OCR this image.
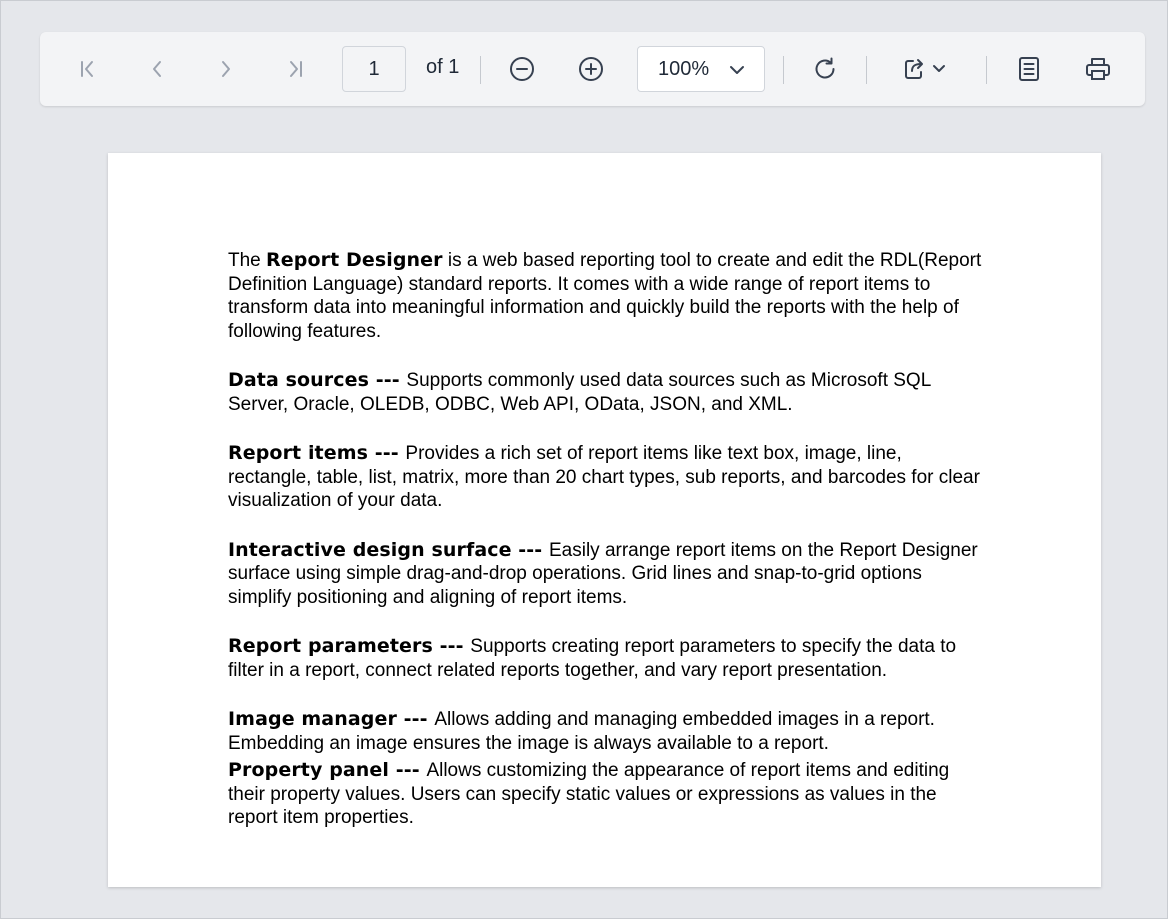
1
of 1	100%

The Report Designer is a web based reporting tool to create and edit the RDL(Report Definition Language) standard reports. It comes with a wide range of report items to transform data into meaningful information and quickly build the reports with the help of following features.

Data sources --- Supports commonly used data sources such as Microsoft SQL Server, Oracle, OLEDB, ODBC, Web API, OData, JSON, and XML.

Report items --- Provides a rich set of report items like text box, image, line, rectangle, table, list, matrix, more than 20 chart types, sub reports, and barcodes for clear visualization of your data.

Interactive design surface --- Easily arrange report items on the Report Designer surface using simple drag-and-drop operations. Grid lines and snap-to-grid options simplify positioning and aligning of report items.

Report parameters --- Supports creating report parameters to specify the data to filter in a report, connect related reports together, and vary report presentation.

Image manager --- Allows adding and managing embedded images in a report. Embedding an image ensures the image is always available to a report.

Property panel --- Allows customizing the appearance of report items and editing their property values. Users can specify static values or expressions as values in the report item properties.
